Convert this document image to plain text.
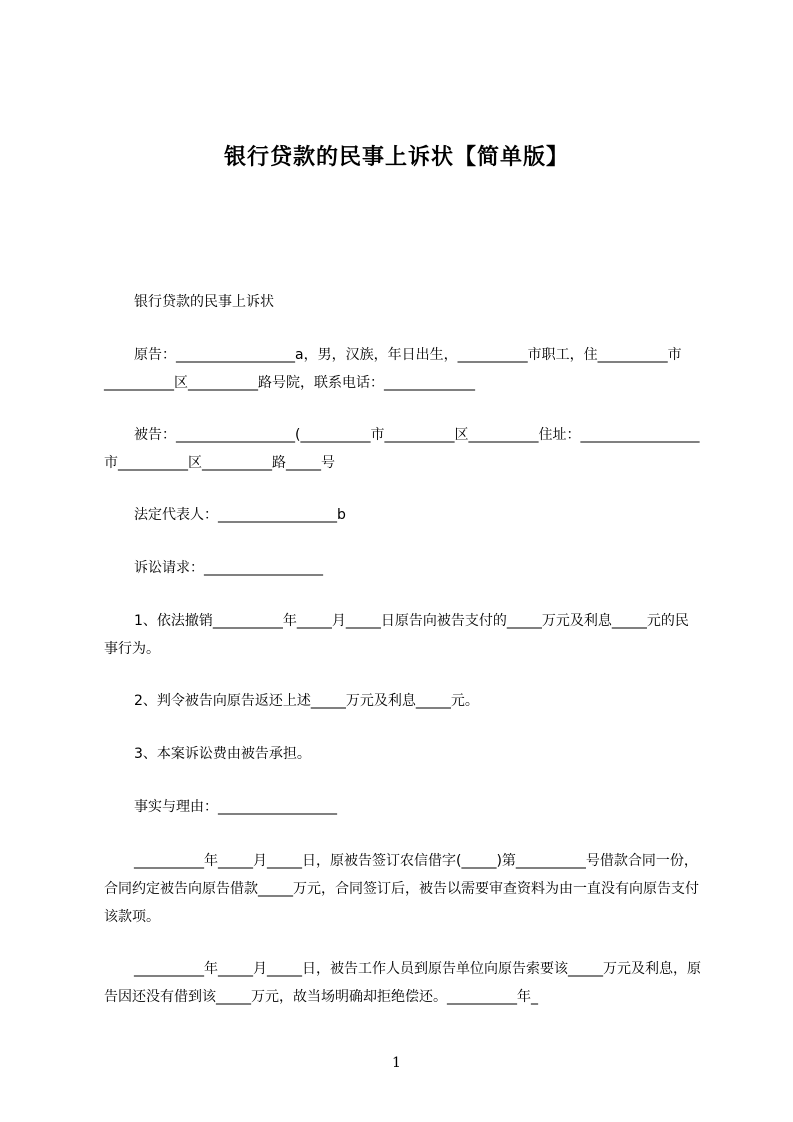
银行贷款的民事上诉状【简单版】
银行贷款的民事上诉状
原告：_________________a，男，汉族，年日出生，__________市职工，住__________市__________区__________路号院，联系电话：_____________
被告：_________________(__________市__________区__________住址：_________________市__________区__________路_____号
法定代表人：_________________b
诉讼请求：_________________
1、依法撤销__________年_____月_____日原告向被告支付的_____万元及利息_____元的民事行为。
2、判令被告向原告返还上述_____万元及利息_____元。
3、本案诉讼费由被告承担。
事实与理由：_________________
__________年_____月_____日，原被告签订农信借字(_____)第__________号借款合同一份，合同约定被告向原告借款_____万元，合同签订后，被告以需要审查资料为由一直没有向原告支付该款项。
__________年_____月_____日，被告工作人员到原告单位向原告索要该_____万元及利息，原告因还没有借到该_____万元，故当场明确却拒绝偿还。__________年_
1
